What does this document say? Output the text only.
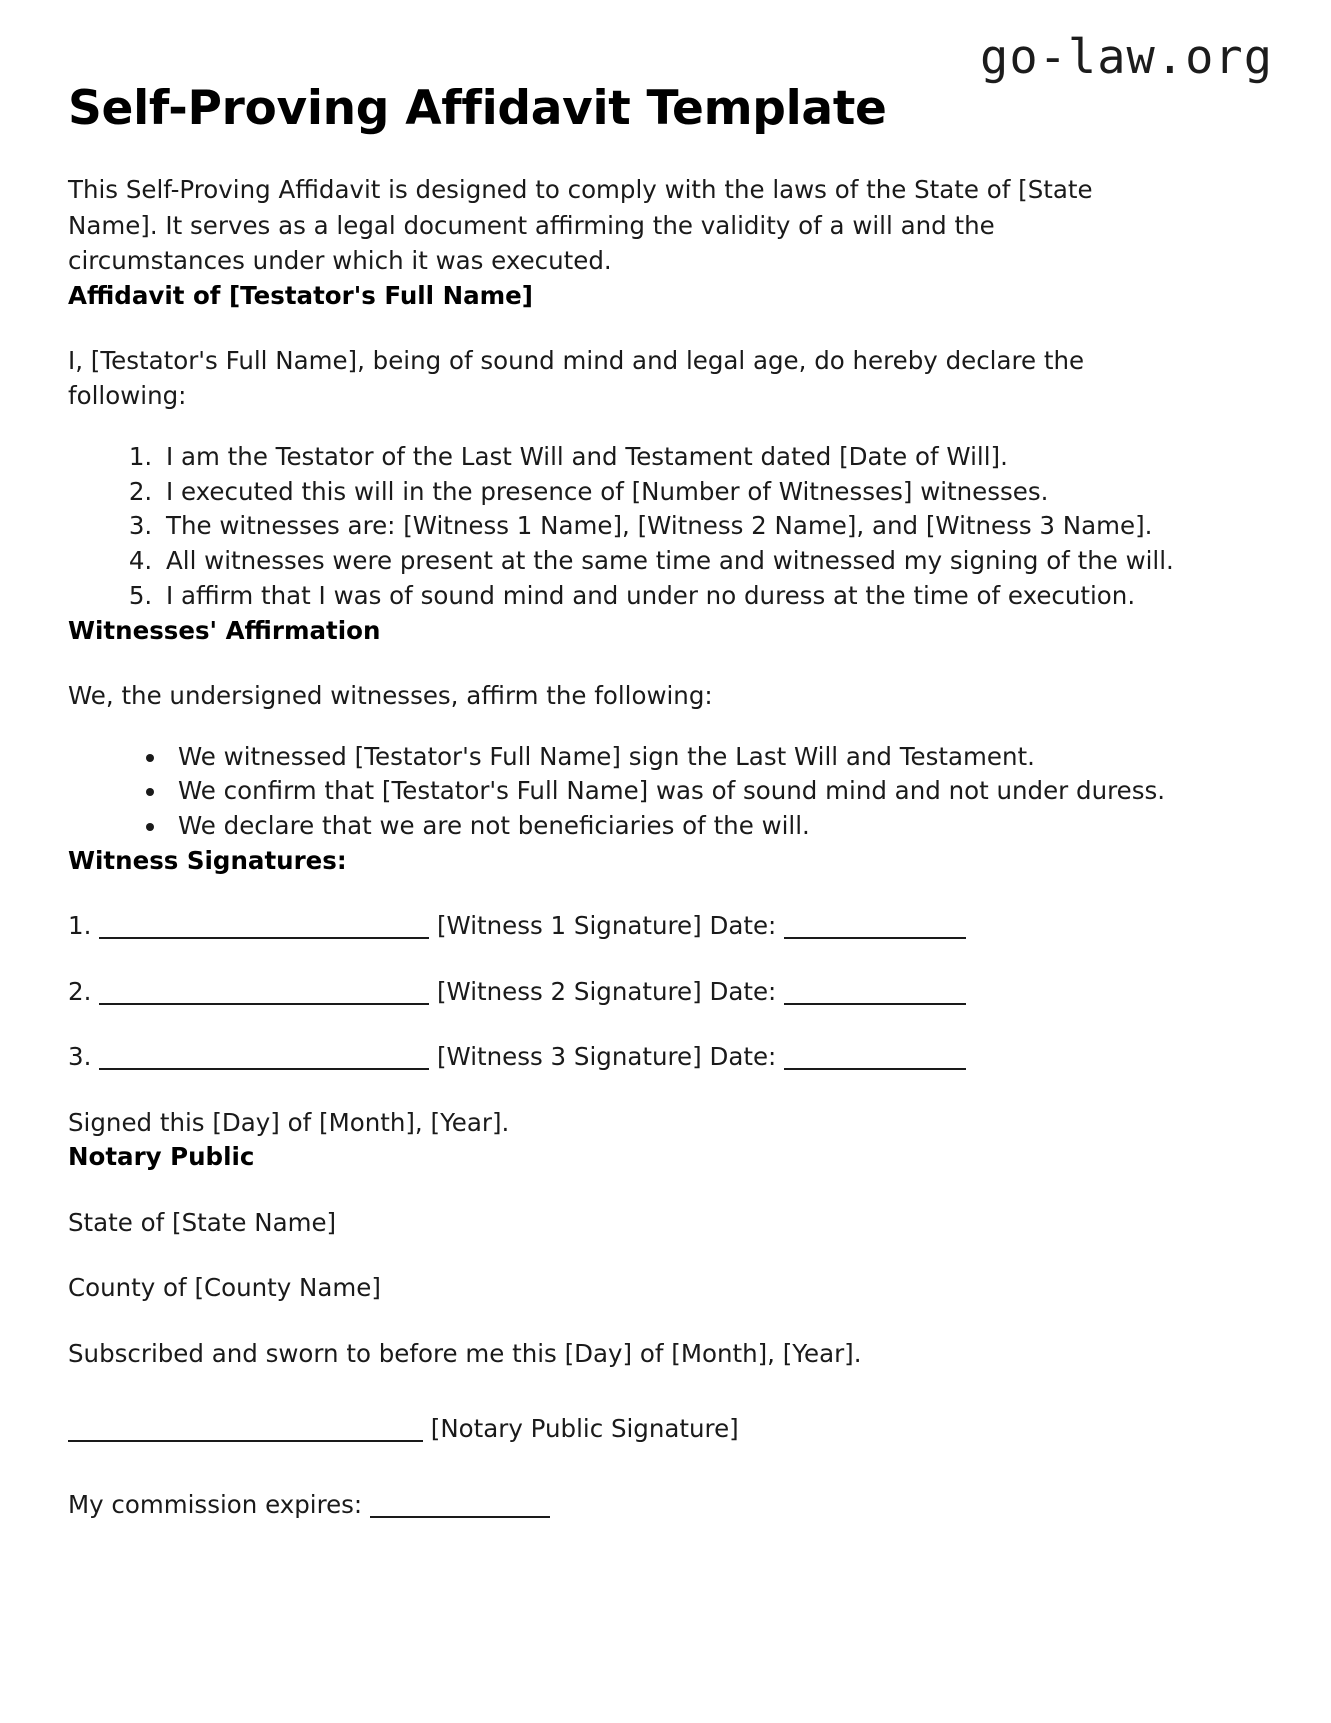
go-law.org
Self-Proving Affidavit Template

This Self-Proving Affidavit is designed to comply with the laws of the State of [State Name]. It serves as a legal document affirming the validity of a will and the circumstances under which it was executed.

Affidavit of [Testator's Full Name]

I, [Testator's Full Name], being of sound mind and legal age, do hereby declare the following:

1. I am the Testator of the Last Will and Testament dated [Date of Will].
2. I executed this will in the presence of [Number of Witnesses] witnesses.
3. The witnesses are: [Witness 1 Name], [Witness 2 Name], and [Witness 3 Name].
4. All witnesses were present at the same time and witnessed my signing of the will.
5. I affirm that I was of sound mind and under no duress at the time of execution.
Witnesses' Affirmation

We, the undersigned witnesses, affirm the following:

• We witnessed [Testator's Full Name] sign the Last Will and Testament.
• We confirm that [Testator's Full Name] was of sound mind and not under duress.
• We declare that we are not beneficiaries of the will.
Witness Signatures:
1.	[Witness 1 Signature] Date:
2.	[Witness 2 Signature] Date:
3.	[Witness 3 Signature] Date:

Signed this [Day] of [Month], [Year].

Notary Public

State of [State Name]

County of [County Name]

Subscribed and sworn to before me this [Day] of [Month], [Year].

[Notary Public Signature]
My commission expires:
